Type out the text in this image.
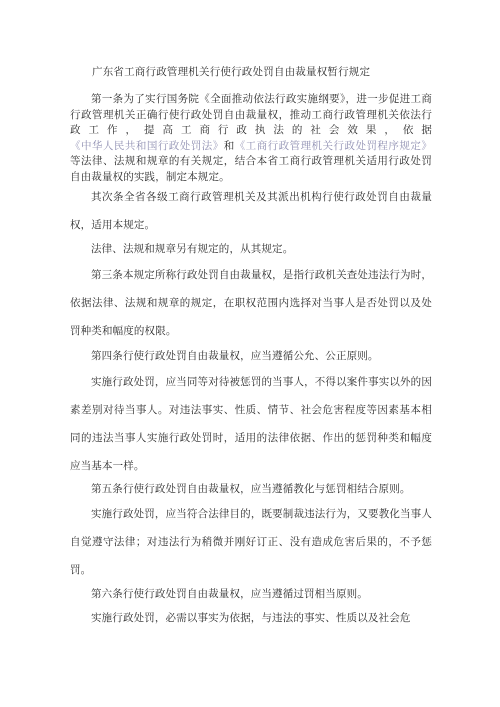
广东省工商行政管理机关行使行政处罚自由裁量权暂行规定

第一条为了实行国务院《全面推动依法行政实施纲要》，进一步促进工商行政管理机关正确行使行政处罚自由裁量权，推动工商行政管理机关依法行政工作，提高工商行政执法的社会效果，依据《中华人民共和国行政处罚法》和《工商行政管理机关行政处罚程序规定》等法律、法规和规章的有关规定，结合本省工商行政管理机关适用行政处罚自由裁量权的实践，制定本规定。

其次条全省各级工商行政管理机关及其派出机构行使行政处罚自由裁量权，适用本规定。

法律、法规和规章另有规定的，从其规定。

第三条本规定所称行政处罚自由裁量权，是指行政机关查处违法行为时，依据法律、法规和规章的规定，在职权范围内选择对当事人是否处罚以及处罚种类和幅度的权限。

第四条行使行政处罚自由裁量权，应当遵循公允、公正原则。

实施行政处罚，应当同等对待被惩罚的当事人，不得以案件事实以外的因素差别对待当事人。对违法事实、性质、情节、社会危害程度等因素基本相同的违法当事人实施行政处罚时，适用的法律依据、作出的惩罚种类和幅度应当基本一样。

第五条行使行政处罚自由裁量权，应当遵循教化与惩罚相结合原则。

实施行政处罚，应当符合法律目的，既要制裁违法行为，又要教化当事人自觉遵守法律；对违法行为稍微并刚好订正、没有造成危害后果的，不予惩罚。

第六条行使行政处罚自由裁量权，应当遵循过罚相当原则。

实施行政处罚，必需以事实为依据，与违法的事实、性质以及社会危
